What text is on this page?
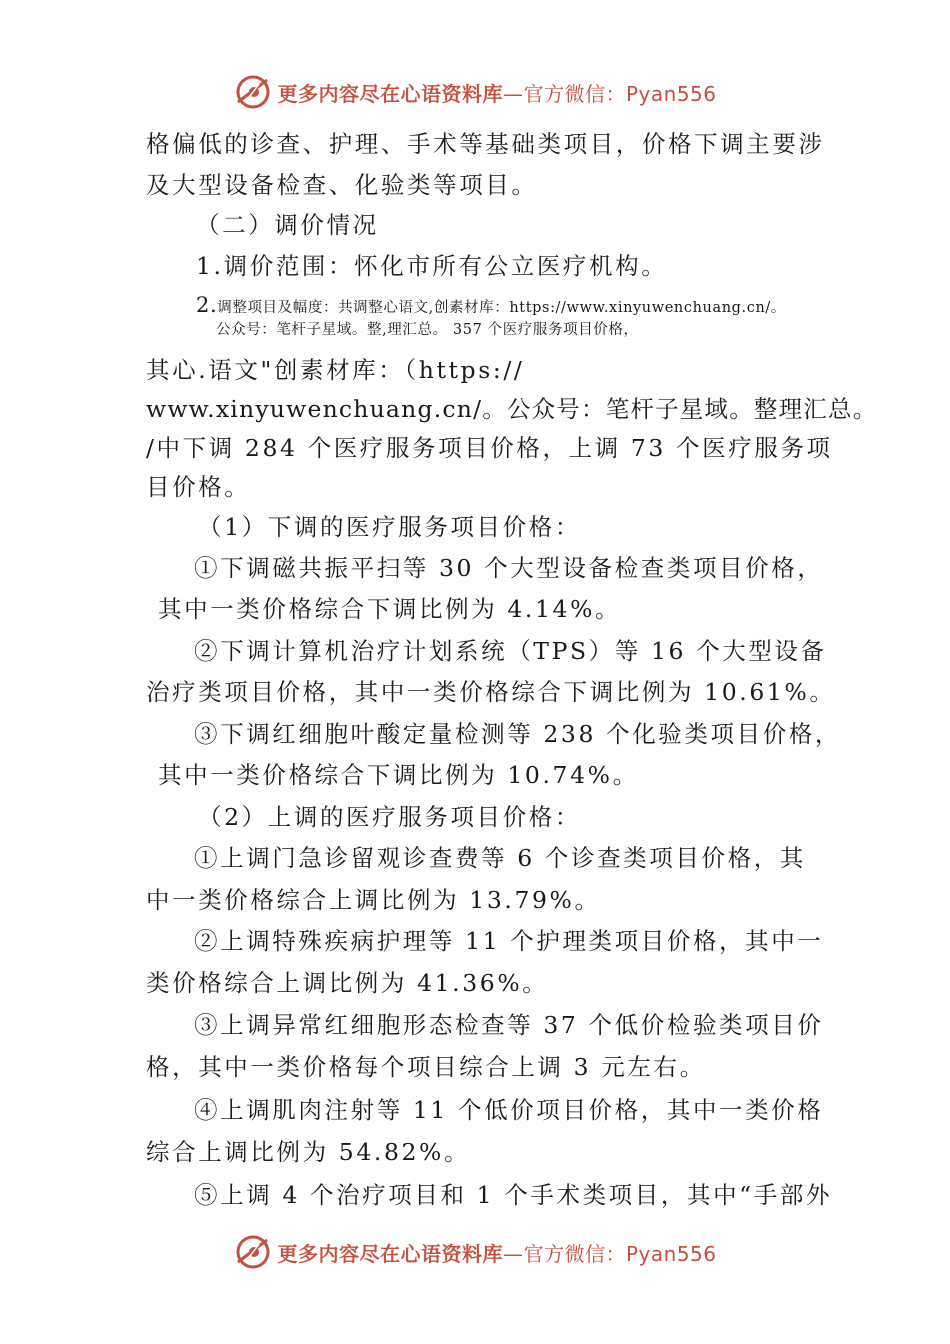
更多内容尽在心语资料库—官方微信：Pyan556
格偏低的诊查、护理、手术等基础类项目，价格下调主要涉
及大型设备检查、化验类等项目。
（二）调价情况
1.调价范围：怀化市所有公立医疗机构。
2.调整项目及幅度：共调整心语文,创素材库：https://www.xinyuwenchuang.cn/。
公众号：笔杆子星域。整,理汇总。 357 个医疗服务项目价格，
其心.语文"创素材库：（https://
www.xinyuwenchuang.cn/。公众号：笔杆子星域。整理汇总。
/中下调 284 个医疗服务项目价格，上调 73 个医疗服务项
目价格。
（1）下调的医疗服务项目价格：
①下调磁共振平扫等 30 个大型设备检查类项目价格，
其中一类价格综合下调比例为 4.14%。
②下调计算机治疗计划系统（TPS）等 16 个大型设备
治疗类项目价格，其中一类价格综合下调比例为 10.61%。
③下调红细胞叶酸定量检测等 238 个化验类项目价格，
其中一类价格综合下调比例为 10.74%。
（2）上调的医疗服务项目价格：
①上调门急诊留观诊查费等 6 个诊查类项目价格，其
中一类价格综合上调比例为 13.79%。
②上调特殊疾病护理等 11 个护理类项目价格，其中一
类价格综合上调比例为 41.36%。
③上调异常红细胞形态检查等 37 个低价检验类项目价
格，其中一类价格每个项目综合上调 3 元左右。
④上调肌肉注射等 11 个低价项目价格，其中一类价格
综合上调比例为 54.82%。
⑤上调 4 个治疗项目和 1 个手术类项目，其中“手部外
更多内容尽在心语资料库—官方微信：Pyan556
